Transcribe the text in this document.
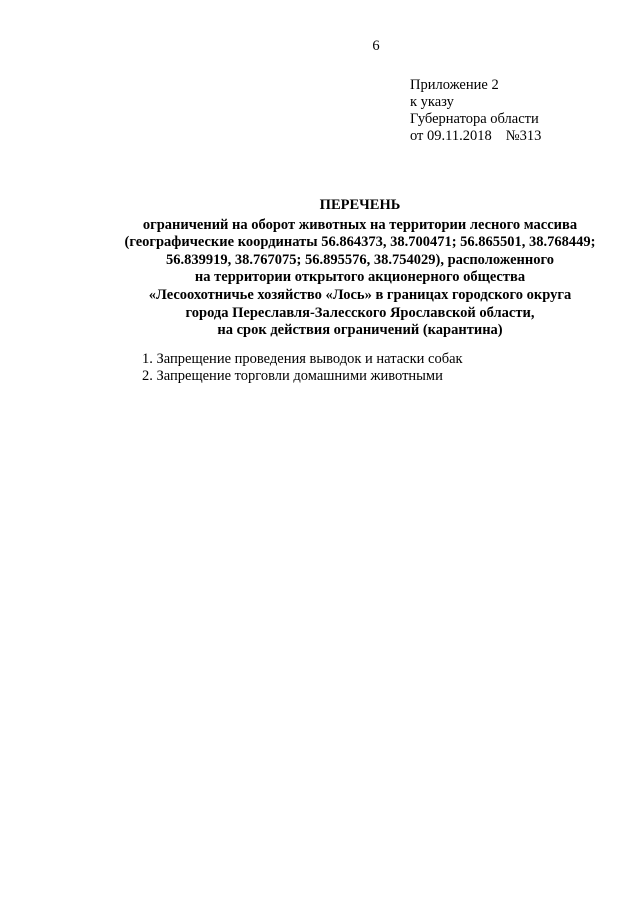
6
Приложение 2
к указу
Губернатора области
от 09.11.2018 №313
ПЕРЕЧЕНЬ
ограничений на оборот животных на территории лесного массива
(географические координаты 56.864373, 38.700471; 56.865501, 38.768449;
56.839919, 38.767075; 56.895576, 38.754029), расположенного
на территории открытого акционерного общества
«Лесоохотничье хозяйство «Лось» в границах городского округа
города Переславля-Залесского Ярославской области,
на срок действия ограничений (карантина)
1. Запрещение проведения выводок и натаски собак
2. Запрещение торговли домашними животными
